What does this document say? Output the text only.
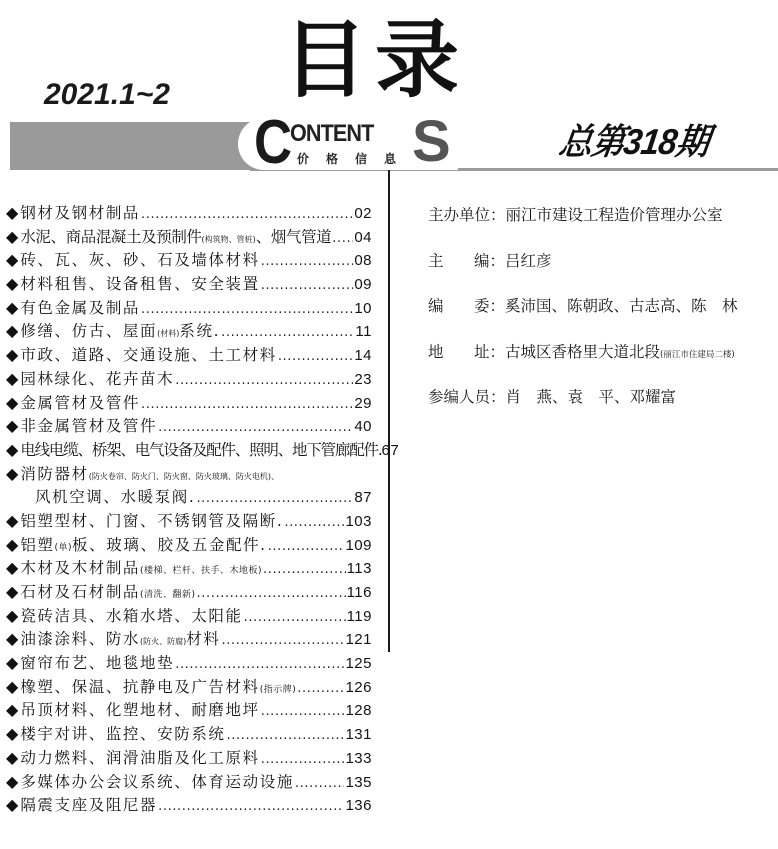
2021.1~2 目录
C
ONTENT S
价格信息	总第318期
◆ 钢材及钢材制品 .....	02
◆ 水泥、商品混凝土及预制件 (构筑物、管桩) 、烟气管道 ..... 04
◆ 砖、瓦、灰、砂、石及墙体材料 .....	08
◆ 材料租售、设备租售、安全装置 .....	09
◆ 有色金属及制品 .....	10
◆ 修缮、仿古、屋面 (材料) 系统. .....	11
◆ 市政、道路、交通设施、土工材料 .....	14
◆ 园林绿化、花卉苗木 .....	23
◆ 金属管材及管件 .....	29
◆ 非金属管材及管件 .....	40
◆ 电线电缆、桥架、电气设备及配件、照明、地下管廊配件. 67
◆ 消防器材 (防火卷帘、防火门、防火窗、防火玻璃、防火电机)、
风机空调、水暖泵阀. .....	87
◆ 铝塑型材、门窗、不锈钢管及隔断. .....	103
◆ 铝塑 (单) 板、玻璃、胶及五金配件. .....	109
◆ 木材及木材制品 (楼梯、栏杆、扶手、木地板) .....	113
◆ 石材及石材制品 (清洗、翻新) .....	116
◆ 瓷砖洁具、水箱水塔、太阳能 .....	119
◆ 油漆涂料、防水 (防火、防腐) 材料 .....	121
◆ 窗帘布艺、地毯地垫 .....	125
◆ 橡塑、保温、抗静电及广告材料 (指示牌) .....	126
◆ 吊顶材料、化塑地材、耐磨地坪 .....	128
◆ 楼宇对讲、监控、安防系统 .....	131
◆ 动力燃料、润滑油脂及化工原料 .....	133
◆ 多媒体办公会议系统、体育运动设施 .....	135
◆ 隔震支座及阻尼器 .....	136
主办单位：丽江市建设工程造价管理办公室
主 编：吕红彦
编 委：奚沛国、陈朝政、古志高、陈　林
地 址：古城区香格里大道北段(丽江市住建局二楼)
参编人员：肖　燕、袁　平、邓耀富
